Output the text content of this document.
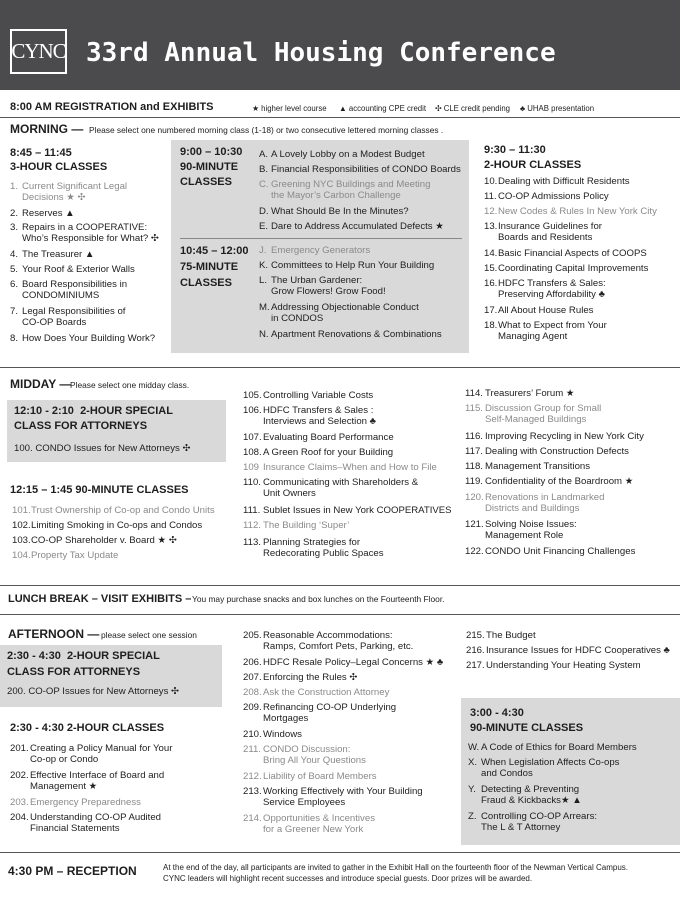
CYNC 33rd Annual Housing Conference
8:00 AM REGISTRATION and EXHIBITS	★ higher level course ▲ accounting CPE credit ✣ CLE credit pending ♣ UHAB presentation
MORNING — Please select one numbered morning class (1-18) or two consecutive lettered morning classes .
8:45 – 11:45
3-HOUR CLASSES
1. Current Significant Legal
Decisions ★ ✣
2. Reserves ▲
3. Repairs in a COOPERATIVE:
Who’s Responsible for What? ✣
4. The Treasurer ▲
5. Your Roof & Exterior Walls
6. Board Responsibilities in
CONDOMINIUMS
7. Legal Responsibilities of
CO-OP Boards
8. How Does Your Building Work?
9:00 – 10:30
90-MINUTE
CLASSES
A. A Lovely Lobby on a Modest Budget
B. Financial Responsibilities of CONDO Boards
C. Greening NYC Buildings and Meeting
the Mayor’s Carbon Challenge
D. What Should Be In the Minutes?
E. Dare to Address Accumulated Defects ★
10:45 – 12:00
75-MINUTE
CLASSES
J. Emergency Generators
K. Committees to Help Run Your Building
L. The Urban Gardener:
Grow Flowers! Grow Food!
M.Addressing Objectionable Conduct
in CONDOS
N. Apartment Renovations & Combinations
9:30 – 11:30
2-HOUR CLASSES
10.Dealing with Difficult Residents
11.CO-OP Admissions Policy
12.New Codes & Rules In New York City
13.Insurance Guidelines for
Boards and Residents
14.Basic Financial Aspects of COOPS
15.Coordinating Capital Improvements
16.HDFC Transfers & Sales:
Preserving Affordability ♣
17.All About House Rules
18.What to Expect from Your
Managing Agent
MIDDAY —
Please select one midday class.
12:10 - 2:10 2-HOUR SPECIAL
CLASS FOR ATTORNEYS
100. CONDO Issues for New Attorneys ✣
12:15 – 1:45 90-MINUTE CLASSES
101.Trust Ownership of Co-op and Condo Units
102.Limiting Smoking in Co-ops and Condos
103.CO-OP Shareholder v. Board ★ ✣
104.Property Tax Update
105.Controlling Variable Costs
106.HDFC Transfers & Sales :
Interviews and Selection ♣
107.Evaluating Board Performance
108.A Green Roof for your Building
109 Insurance Claims–When and How to File
110. Communicating with Shareholders &
Unit Owners
111. Sublet Issues in New York COOPERATIVES
112. The Building ‘Super’
113. Planning Strategies for
Redecorating Public Spaces
114. Treasurers’ Forum ★
115. Discussion Group for Small
Self-Managed Buildings
116. Improving Recycling in New York City
117. Dealing with Construction Defects
118. Management Transitions
119. Confidentiality of the Boardroom ★
120.Renovations in Landmarked
Districts and Buildings
121.Solving Noise Issues:
Management Role
122.CONDO Unit Financing Challenges
LUNCH BREAK – VISIT EXHIBITS – You may purchase snacks and box lunches on the Fourteenth Floor.
AFTERNOON — please select one session
2:30 - 4:30 2-HOUR SPECIAL
CLASS FOR ATTORNEYS
200. CO-OP Issues for New Attorneys ✣
2:30 - 4:30 2-HOUR CLASSES
201.Creating a Policy Manual for Your
Co-op or Condo
202.Effective Interface of Board and
Management ★
203.Emergency Preparedness
204.Understanding CO-OP Audited
Financial Statements
205.Reasonable Accommodations:
Ramps, Comfort Pets, Parking, etc.
206.HDFC Resale Policy–Legal Concerns ★ ♣
207.Enforcing the Rules ✣
208.Ask the Construction Attorney
209.Refinancing CO-OP Underlying
Mortgages
210.Windows
211. CONDO Discussion:
Bring All Your Questions
212.Liability of Board Members
213.Working Effectively with Your Building
Service Employees
214.Opportunities & Incentives
for a Greener New York
215.The Budget
216.Insurance Issues for HDFC Cooperatives ♣
217.Understanding Your Heating System
3:00 - 4:30
90-MINUTE CLASSES
W. A Code of Ethics for Board Members
X. When Legislation Affects Co-ops
and Condos
Y. Detecting & Preventing
Fraud & Kickbacks★ ▲
Z. Controlling CO-OP Arrears:
The L & T Attorney
4:30 PM – RECEPTION	At the end of the day, all participants are invited to gather in the Exhibit Hall on the fourteenth floor of the Newman Vertical Campus.
CYNC leaders will highlight recent successes and introduce special guests. Door prizes will be awarded.
